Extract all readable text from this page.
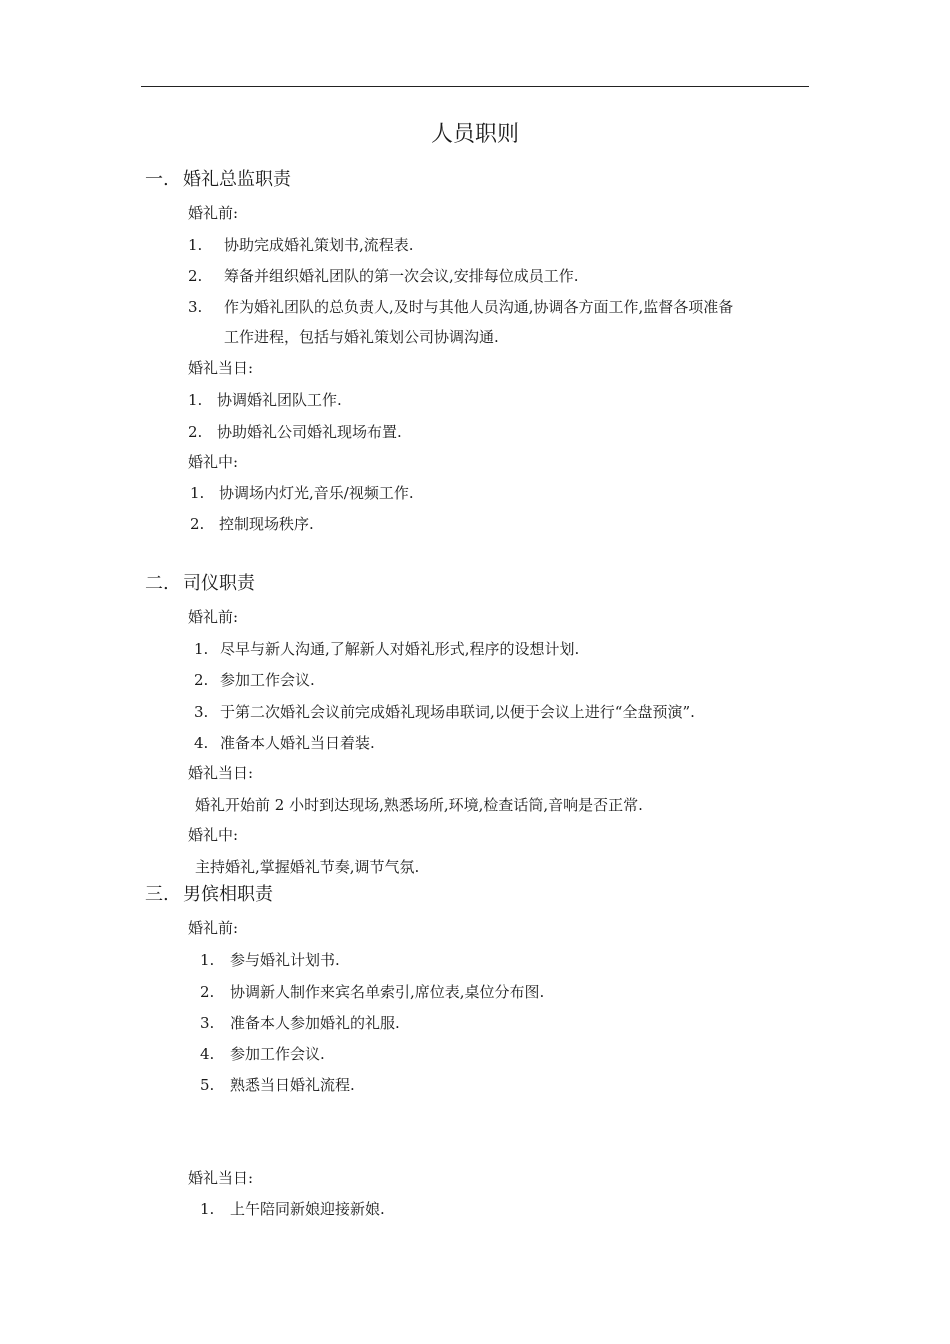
人员职则
一. 婚礼总监职责
婚礼前:
1. 协助完成婚礼策划书,流程表.
2. 筹备并组织婚礼团队的第一次会议,安排每位成员工作.
3. 作为婚礼团队的总负责人,及时与其他人员沟通,协调各方面工作,监督各项准备
工作进程，包括与婚礼策划公司协调沟通.
婚礼当日:
1. 协调婚礼团队工作.
2. 协助婚礼公司婚礼现场布置.
婚礼中:
1. 协调场内灯光,音乐/视频工作.
2. 控制现场秩序.
二. 司仪职责
婚礼前:
1. 尽早与新人沟通,了解新人对婚礼形式,程序的设想计划.
2. 参加工作会议.
3. 于第二次婚礼会议前完成婚礼现场串联词,以便于会议上进行“全盘预演”.
4. 准备本人婚礼当日着装.
婚礼当日:
婚礼开始前 2 小时到达现场,熟悉场所,环境,检查话筒,音响是否正常.
婚礼中:
主持婚礼,掌握婚礼节奏,调节气氛.
三. 男傧相职责
婚礼前:
1. 参与婚礼计划书.
2. 协调新人制作来宾名单索引,席位表,桌位分布图.
3. 准备本人参加婚礼的礼服.
4. 参加工作会议.
5. 熟悉当日婚礼流程.
婚礼当日:
1. 上午陪同新娘迎接新娘.
